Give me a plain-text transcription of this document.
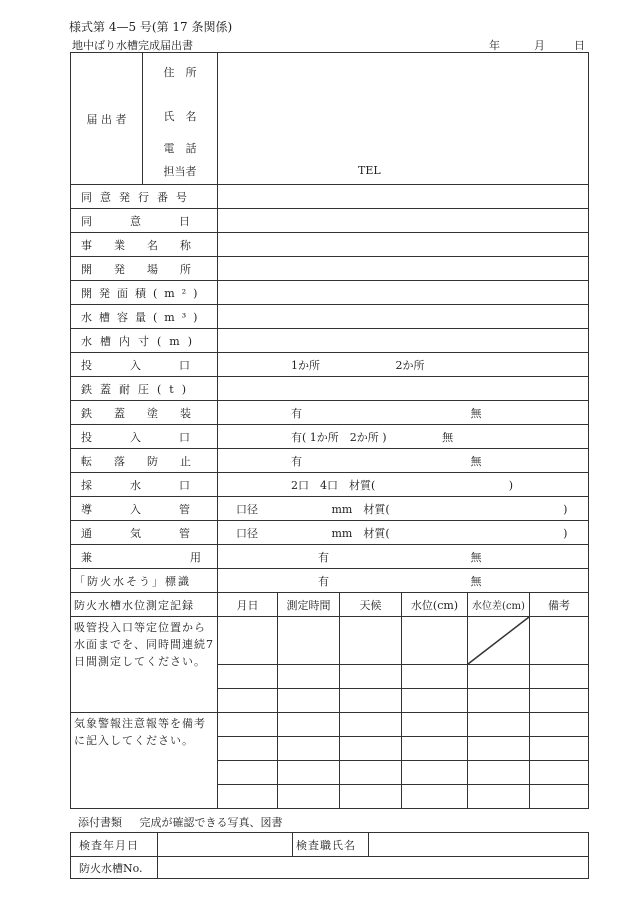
様式第 4—5 号(第 17 条関係)
地中ばり水槽完成届出書	年	月	日
届 出 者	住　所
氏　名
電　話
担当者	TEL					

同意発行番号							
同意日							
事業名称							
開発場所							
開発面積(m²)							
水槽容量(m³)							
水槽内寸(m)							
投入口		1か所 2か所					
鉄蓋耐圧(t)							
鉄蓋塗装		有 無					
投入口		有( 1か所　2か所 ) 無					
転落防止		有 無					
採水口		2口　4口　材質( )					
導入管		口径 mm　材質( )					
通気管		口径 mm　材質( )					
兼用		有 無					
「防火水そう」標識		有 無					
防火水槽水位測定記録		月日	測定時間	天候	水位(cm)	水位差(cm)	備考
吸管投入口等定位置から水面までを、同時間連続7日間測定してください。					

気象警報注意報等を備考に記入してください。							

添付書類 完成が確認できる写真、図書
検査年月日		検査職氏名	
防火水槽No.			
